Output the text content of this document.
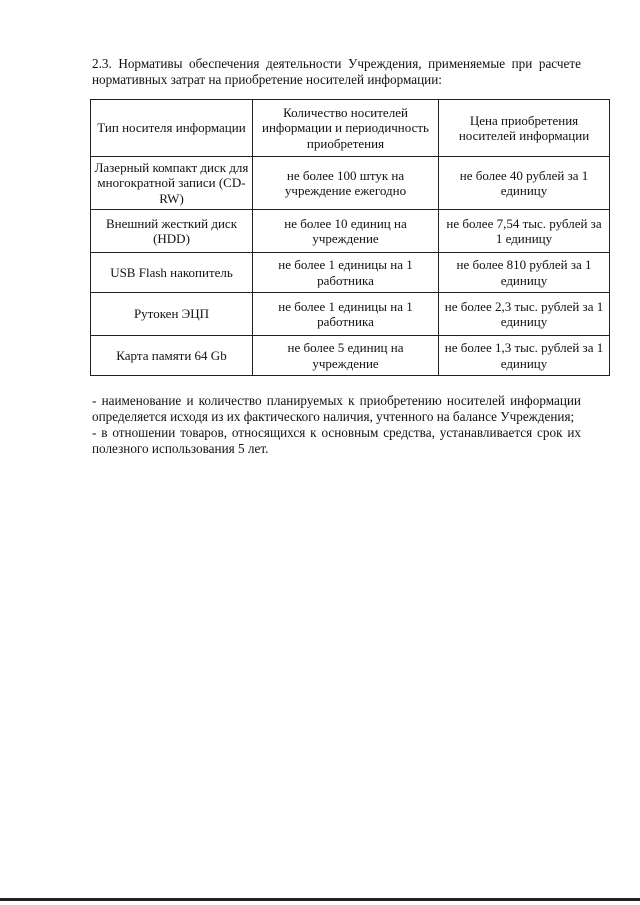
2.3. Нормативы обеспечения деятельности Учреждения, применяемые при расчете нормативных затрат на приобретение носителей информации:
Тип носителя информации	Количество носителей информации и периодичность приобретения	Цена приобретения носителей информации
Лазерный компакт диск для многократной записи (CD-RW)	не более 100 штук на учреждение ежегодно	не более 40 рублей за 1 единицу
Внешний жесткий диск (HDD)	не более 10 единиц на учреждение	не более 7,54 тыс. рублей за 1 единицу
USB Flash накопитель	не более 1 единицы на 1 работника	не более 810 рублей за 1 единицу
Рутокен ЭЦП	не более 1 единицы на 1 работника	не более 2,3 тыс. рублей за 1 единицу
Карта памяти 64 Gb	не более 5 единиц на учреждение	не более 1,3 тыс. рублей за 1 единицу

- наименование и количество планируемых к приобретению носителей информации определяется исходя из их фактического наличия, учтенного на балансе Учреждения;

- в отношении товаров, относящихся к основным средства, устанавливается срок их полезного использования 5 лет.
